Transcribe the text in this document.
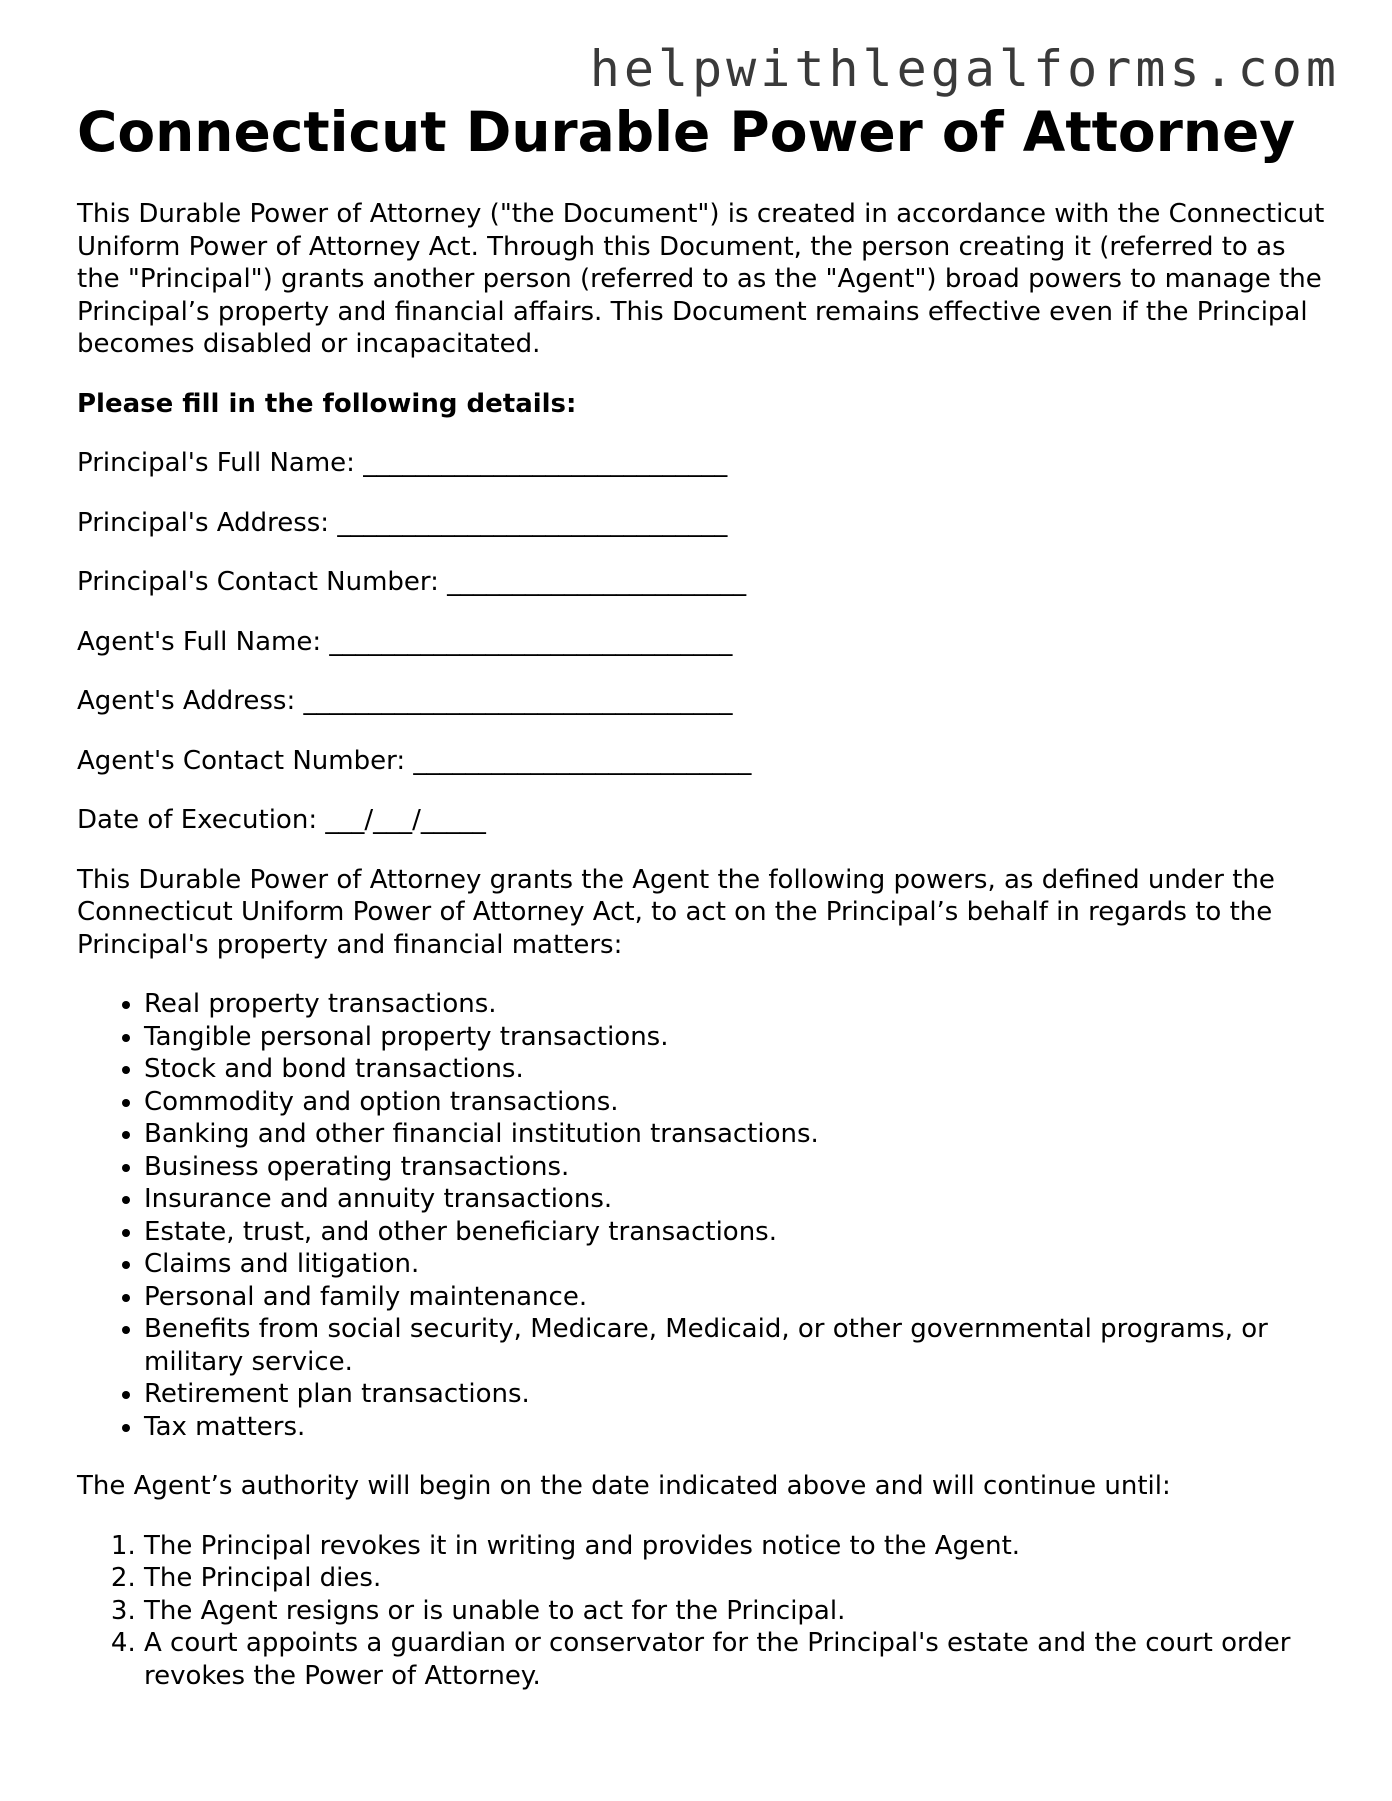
helpwithlegalforms.com
Connecticut Durable Power of Attorney

This Durable Power of Attorney ("the Document") is created in accordance with the Connecticut Uniform Power of Attorney Act. Through this Document, the person creating it (referred to as the "Principal") grants another person (referred to as the "Agent") broad powers to manage the Principal’s property and financial affairs. This Document remains effective even if the Principal becomes disabled or incapacitated.

Please fill in the following details:

Principal's Full Name: ____________________________

Principal's Address: ______________________________

Principal's Contact Number: _______________________

Agent's Full Name: _______________________________

Agent's Address: _________________________________

Agent's Contact Number: __________________________

Date of Execution: ___/___/_____

This Durable Power of Attorney grants the Agent the following powers, as defined under the Connecticut Uniform Power of Attorney Act, to act on the Principal’s behalf in regards to the Principal's property and financial matters:

• Real property transactions.
• Tangible personal property transactions.
• Stock and bond transactions.
• Commodity and option transactions.
• Banking and other financial institution transactions.
• Business operating transactions.
• Insurance and annuity transactions.
• Estate, trust, and other beneficiary transactions.
• Claims and litigation.
• Personal and family maintenance.
• Benefits from social security, Medicare, Medicaid, or other governmental programs, or military service.
• Retirement plan transactions.
• Tax matters.

The Agent’s authority will begin on the date indicated above and will continue until:

1. The Principal revokes it in writing and provides notice to the Agent.
2. The Principal dies.
3. The Agent resigns or is unable to act for the Principal.
4. A court appoints a guardian or conservator for the Principal's estate and the court order revokes the Power of Attorney.
